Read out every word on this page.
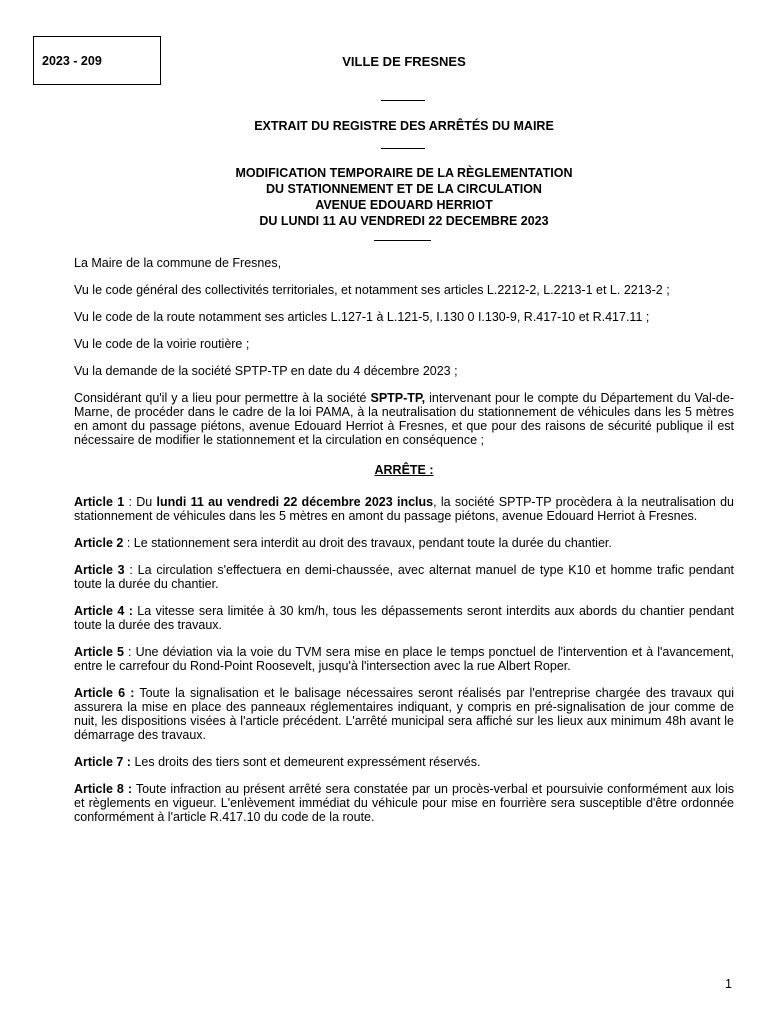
2023 - 209	VILLE DE FRESNES
EXTRAIT DU REGISTRE DES ARRÊTÉS DU MAIRE
MODIFICATION TEMPORAIRE DE LA RÈGLEMENTATION
DU STATIONNEMENT ET DE LA CIRCULATION
AVENUE EDOUARD HERRIOT
DU LUNDI 11 AU VENDREDI 22 DECEMBRE 2023

La Maire de la commune de Fresnes,

Vu le code général des collectivités territoriales, et notamment ses articles L.2212-2, L.2213-1 et L. 2213-2 ;

Vu le code de la route notamment ses articles L.127-1 à L.121-5, I.130 0 I.130-9, R.417-10 et R.417.11 ;

Vu le code de la voirie routière ;

Vu la demande de la société SPTP-TP en date du 4 décembre 2023 ;

Considérant qu'il y a lieu pour permettre à la société SPTP-TP, intervenant pour le compte du Département du Val-de-Marne, de procéder dans le cadre de la loi PAMA, à la neutralisation du stationnement de véhicules dans les 5 mètres en amont du passage piétons, avenue Edouard Herriot à Fresnes, et que pour des raisons de sécurité publique il est nécessaire de modifier le stationnement et la circulation en conséquence ;

ARRÊTE :

Article 1 : Du lundi 11 au vendredi 22 décembre 2023 inclus, la société SPTP-TP procèdera à la neutralisation du stationnement de véhicules dans les 5 mètres en amont du passage piétons, avenue Edouard Herriot à Fresnes.

Article 2 : Le stationnement sera interdit au droit des travaux, pendant toute la durée du chantier.

Article 3 : La circulation s'effectuera en demi-chaussée, avec alternat manuel de type K10 et homme trafic pendant toute la durée du chantier.

Article 4 : La vitesse sera limitée à 30 km/h, tous les dépassements seront interdits aux abords du chantier pendant toute la durée des travaux.

Article 5 : Une déviation via la voie du TVM sera mise en place le temps ponctuel de l'intervention et à l'avancement, entre le carrefour du Rond-Point Roosevelt, jusqu'à l'intersection avec la rue Albert Roper.

Article 6 : Toute la signalisation et le balisage nécessaires seront réalisés par l'entreprise chargée des travaux qui assurera la mise en place des panneaux réglementaires indiquant, y compris en pré-signalisation de jour comme de nuit, les dispositions visées à l'article précédent. L'arrêté municipal sera affiché sur les lieux aux minimum 48h avant le démarrage des travaux.

Article 7 : Les droits des tiers sont et demeurent expressément réservés.

Article 8 : Toute infraction au présent arrêté sera constatée par un procès-verbal et poursuivie conformément aux lois et règlements en vigueur. L'enlèvement immédiat du véhicule pour mise en fourrière sera susceptible d'être ordonnée conformément à l'article R.417.10 du code de la route.

1
